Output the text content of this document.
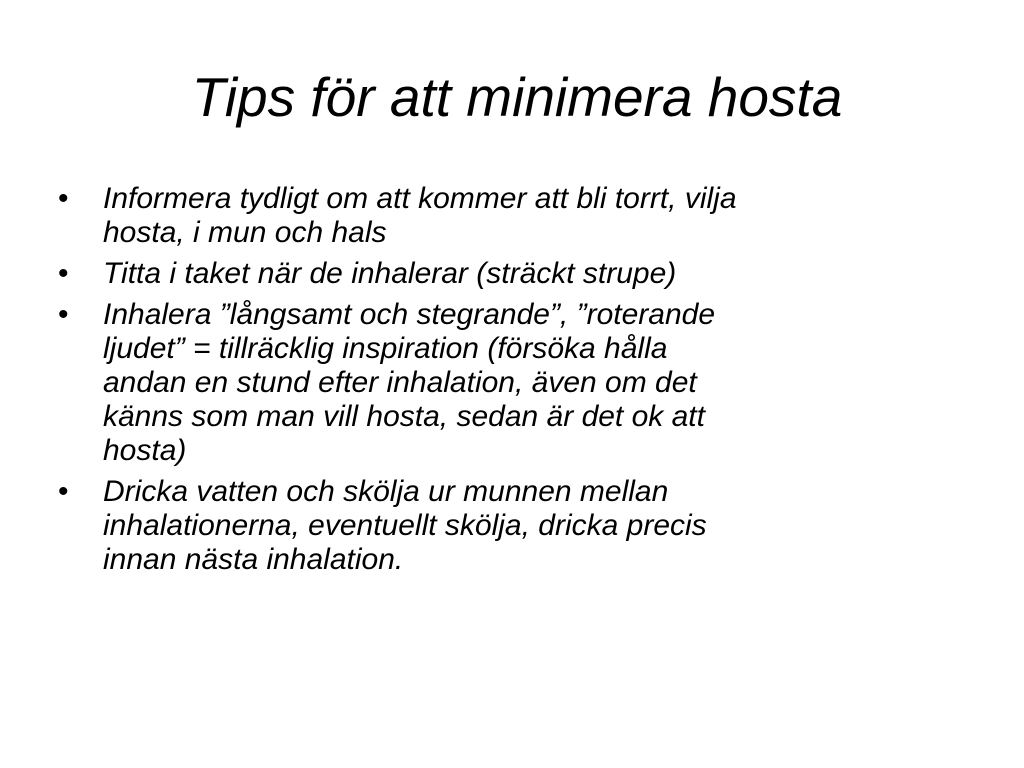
Tips för att minimera hosta
• Informera tydligt om att kommer att bli torrt, vilja
hosta, i mun och hals
• Titta i taket när de inhalerar (sträckt strupe)
• Inhalera ”långsamt och stegrande”, ”roterande
ljudet” = tillräcklig inspiration (försöka hålla
andan en stund efter inhalation, även om det
känns som man vill hosta, sedan är det ok att
hosta)
• Dricka vatten och skölja ur munnen mellan
inhalationerna, eventuellt skölja, dricka precis
innan nästa inhalation.
